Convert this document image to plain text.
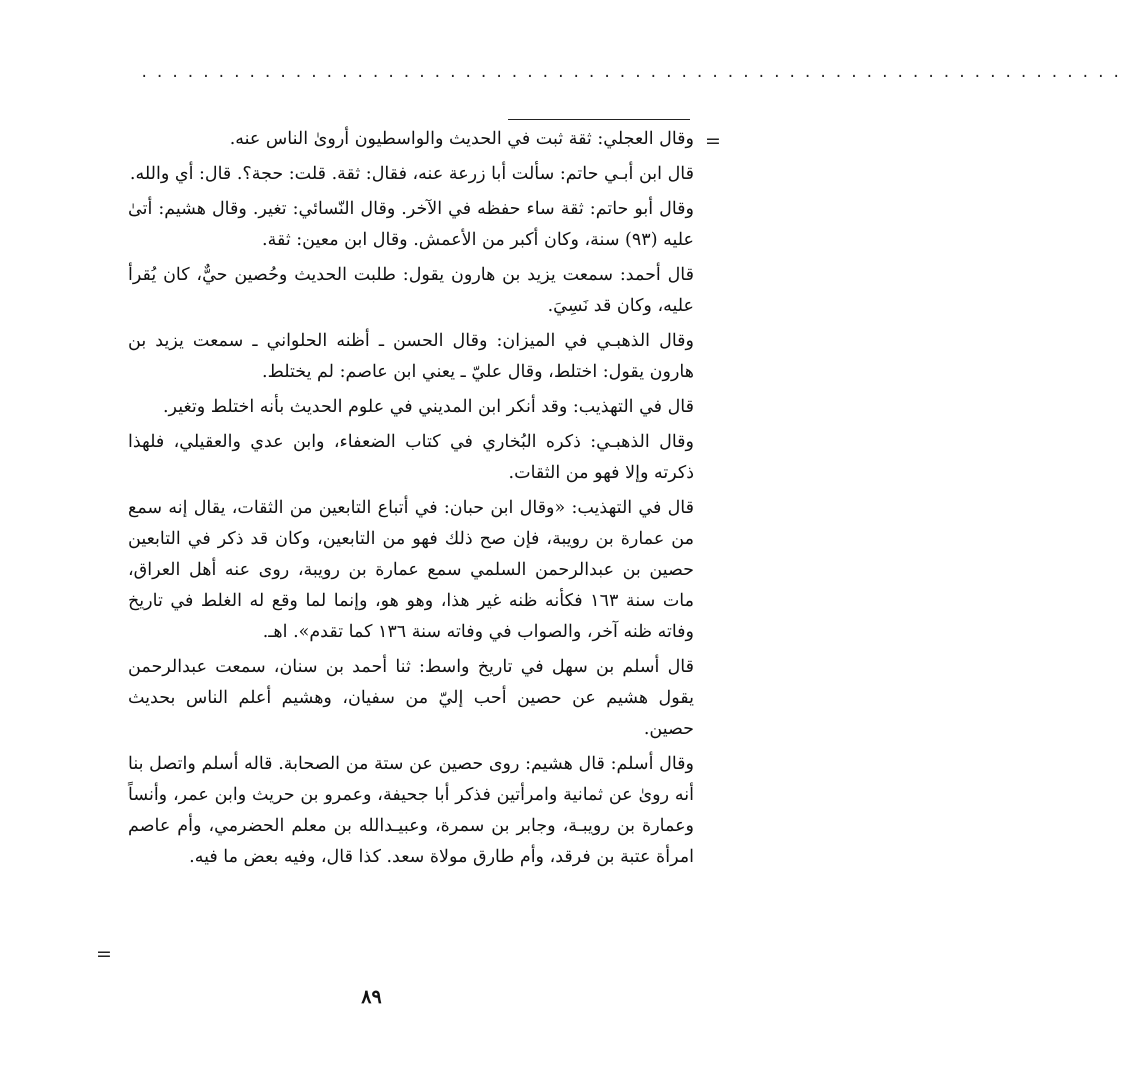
................................................................
=

وقال العجلي: ثقة ثبت في الحديث والواسطيون أروىٰ الناس عنه.

قال ابن أبـي حاتم: سألت أبا زرعة عنه، فقال: ثقة. قلت: حجة؟. قال: أي والله.

وقال أبو حاتم: ثقة ساء حفظه في الآخر. وقال النّسائي: تغير. وقال هشيم: أتىٰ عليه (٩٣) سنة، وكان أكبر من الأعمش. وقال ابن معين: ثقة.

قال أحمد: سمعت يزيد بن هارون يقول: طلبت الحديث وحُصين حيٌّ، كان يُقرأ عليه، وكان قد نَسِيَ.

وقال الذهبـي في الميزان: وقال الحسن ـ أظنه الحلواني ـ سمعت يزيد بن هارون يقول: اختلط، وقال عليّ ـ يعني ابن عاصم: لم يختلط.

قال في التهذيب: وقد أنكر ابن المديني في علوم الحديث بأنه اختلط وتغير.

وقال الذهبـي: ذكره البُخاري في كتاب الضعفاء، وابن عدي والعقيلي، فلهذا ذكرته وإلا فهو من الثقات.

قال في التهذيب: «وقال ابن حبان: في أتباع التابعين من الثقات، يقال إنه سمع من عمارة بن رويبة، فإن صح ذلك فهو من التابعين، وكان قد ذكر في التابعين حصين بن عبدالرحمن السلمي سمع عمارة بن رويبة، روى عنه أهل العراق، مات سنة ١٦٣ فكأنه ظنه غير هذا، وهو هو، وإنما لما وقع له الغلط في تاريخ وفاته ظنه آخر، والصواب في وفاته سنة ١٣٦ كما تقدم». اهـ.

قال أسلم بن سهل في تاريخ واسط: ثنا أحمد بن سنان، سمعت عبدالرحمن يقول هشيم عن حصين أحب إليّ من سفيان، وهشيم أعلم الناس بحديث حصين.

وقال أسلم: قال هشيم: روى حصين عن ستة من الصحابة. قاله أسلم واتصل بنا أنه روىٰ عن ثمانية وامرأتين فذكر أبا جحيفة، وعمرو بن حريث وابن عمر، وأنساً وعمارة بن رويبـة، وجابر بن سمرة، وعبيـدالله بن معلم الحضرمي، وأم عاصم امرأة عتبة بن فرقد، وأم طارق مولاة سعد. كذا قال، وفيه بعض ما فيه.

=
٨٩
